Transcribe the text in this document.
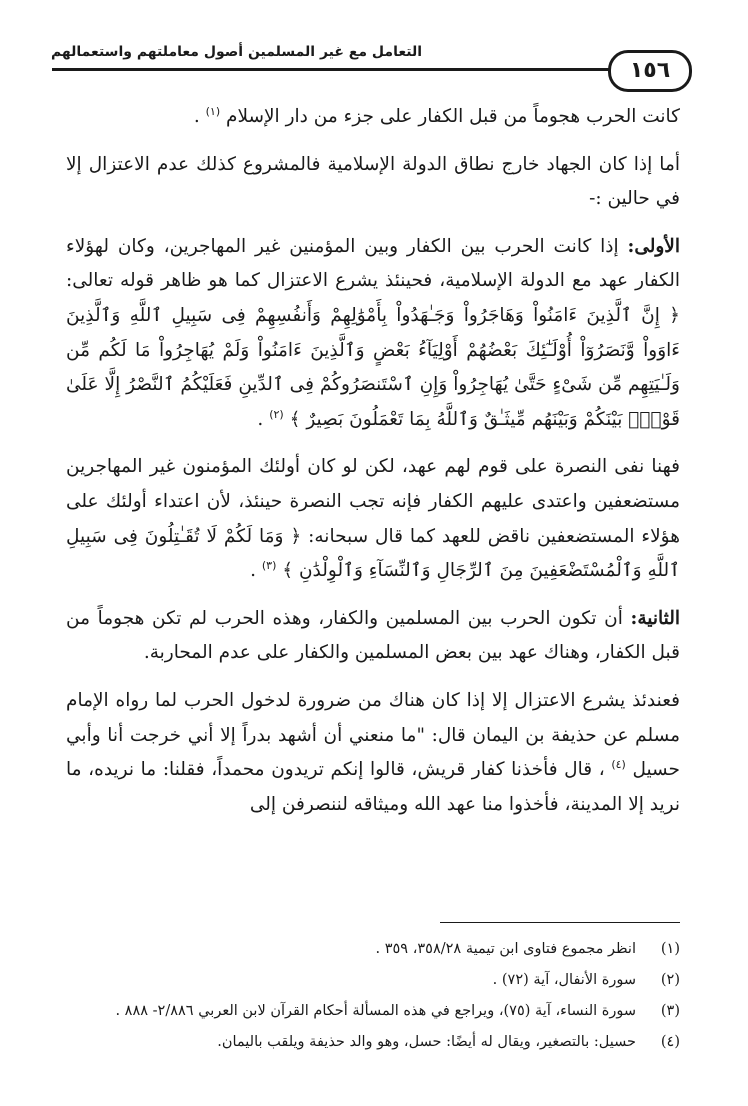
التعامل مع غير المسلمين أصول معاملتهم واستعمالهم
١٥٦

كانت الحرب هجوماً من قبل الكفار على جزء من دار الإسلام $^{(١)}$ .

أما إذا كان الجهاد خارج نطاق الدولة الإسلامية فالمشروع كذلك عدم الاعتزال إلا في حالين :-

الأولى: إذا كانت الحرب بين الكفار وبين المؤمنين غير المهاجرين، وكان لهؤلاء الكفار عهد مع الدولة الإسلامية، فحينئذ يشرع الاعتزال كما هو ظاهر قوله تعالى: ﴿ إِنَّ ٱلَّذِينَ ءَامَنُواْ وَهَاجَرُواْ وَجَـٰهَدُواْ بِأَمْوَٰلِهِمْ وَأَنفُسِهِمْ فِى سَبِيلِ ٱللَّهِ وَٱلَّذِينَ ءَاوَواْ وَّنَصَرُوٓاْ أُوْلَـٰٓئِكَ بَعْضُهُمْ أَوْلِيَآءُ بَعْضٍ وَٱلَّذِينَ ءَامَنُواْ وَلَمْ يُهَاجِرُواْ مَا لَكُم مِّن وَلَـٰيَتِهِم مِّن شَىْءٍ حَتَّىٰ يُهَاجِرُواْ وَإِنِ ٱسْتَنصَرُوكُمْ فِى ٱلدِّينِ فَعَلَيْكُمُ ٱلنَّصْرُ إِلَّا عَلَىٰ قَوْمٍۭ بَيْنَكُمْ وَبَيْنَهُم مِّيثَـٰقٌ وَٱللَّهُ بِمَا تَعْمَلُونَ بَصِيرٌ ﴾ $^{(٢)}$ .

فهنا نفى النصرة على قوم لهم عهد، لكن لو كان أولئك المؤمنون غير المهاجرين مستضعفين واعتدى عليهم الكفار فإنه تجب النصرة حينئذ، لأن اعتداء أولئك على هؤلاء المستضعفين ناقض للعهد كما قال سبحانه: ﴿ وَمَا لَكُمْ لَا تُقَـٰتِلُونَ فِى سَبِيلِ ٱللَّهِ وَٱلْمُسْتَضْعَفِينَ مِنَ ٱلرِّجَالِ وَٱلنِّسَآءِ وَٱلْوِلْدَٰنِ ﴾ $^{(٣)}$ .

الثانية: أن تكون الحرب بين المسلمين والكفار، وهذه الحرب لم تكن هجوماً من قبل الكفار، وهناك عهد بين بعض المسلمين والكفار على عدم المحاربة.

فعندئذ يشرع الاعتزال إلا إذا كان هناك من ضرورة لدخول الحرب لما رواه الإمام مسلم عن حذيفة بن اليمان قال: "ما منعني أن أشهد بدراً إلا أني خرجت أنا وأبي حسيل $^{(٤)}$ ، قال فأخذنا كفار قريش، قالوا إنكم تريدون محمداً، فقلنا: ما نريده، ما نريد إلا المدينة، فأخذوا منا عهد الله وميثاقه لننصرفن إلى

(١)
انظر مجموع فتاوى ابن تيمية ٣٥٨/٢٨، ٣٥٩ .
(٢)
سورة الأنفال، آية (٧٢) .
(٣)
سورة النساء، آية (٧٥)، ويراجع في هذه المسألة أحكام القرآن لابن العربي ٢/٨٨٦- ٨٨٨ .
(٤)
حسيل: بالتصغير، ويقال له أيضًا: حسل، وهو والد حذيفة ويلقب باليمان.
